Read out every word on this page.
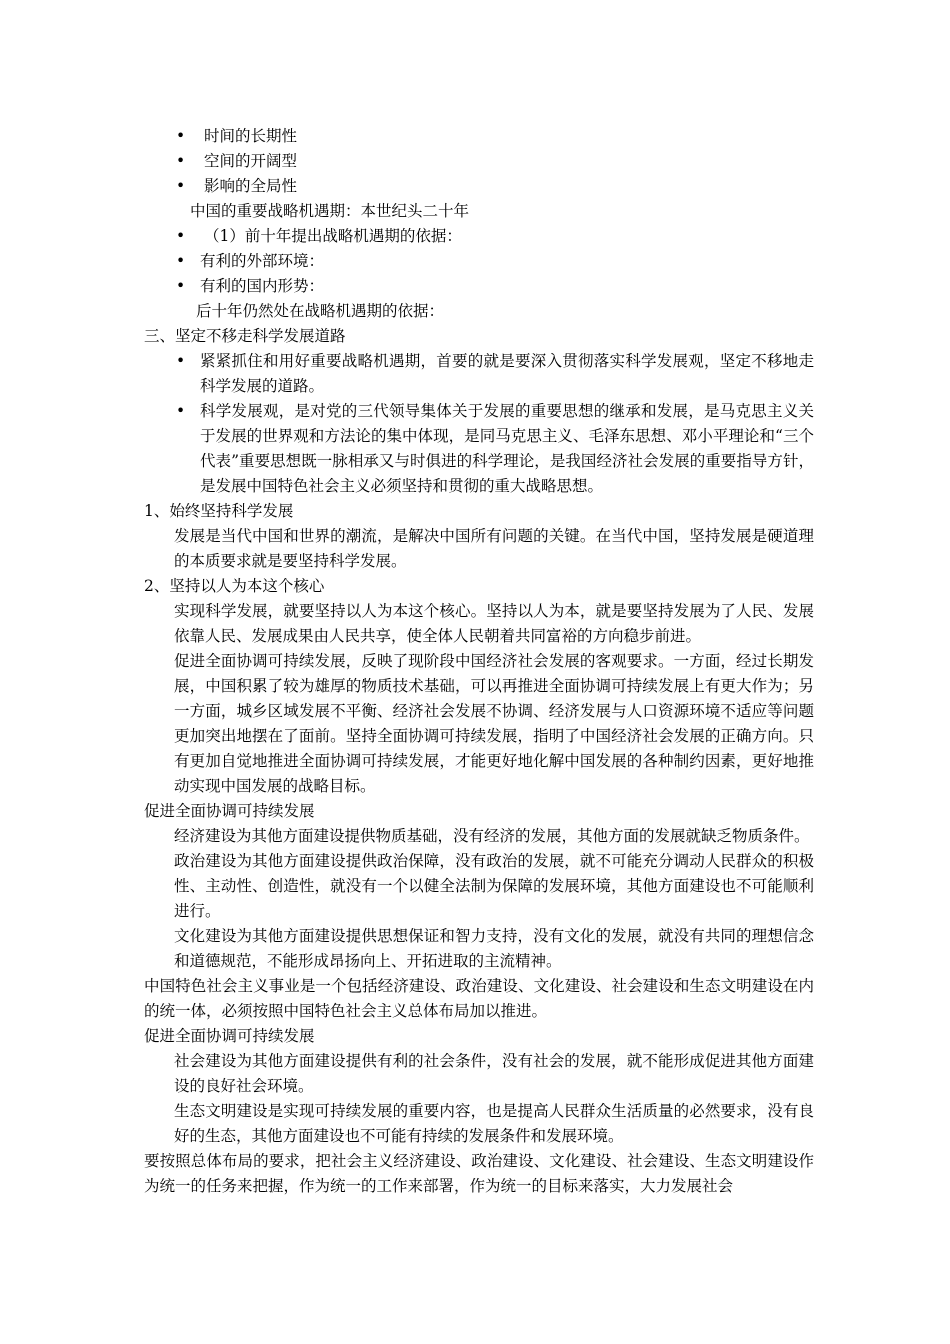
• 时间的长期性
• 空间的开阔型
• 影响的全局性
中国的重要战略机遇期：本世纪头二十年
• （1）前十年提出战略机遇期的依据：
• 有利的外部环境：
• 有利的国内形势：
后十年仍然处在战略机遇期的依据：
三、坚定不移走科学发展道路
• 紧紧抓住和用好重要战略机遇期，首要的就是要深入贯彻落实科学发展观，坚定不移地走科学发展的道路。
• 科学发展观，是对党的三代领导集体关于发展的重要思想的继承和发展，是马克思主义关于发展的世界观和方法论的集中体现，是同马克思主义、毛泽东思想、邓小平理论和“三个代表”重要思想既一脉相承又与时俱进的科学理论，是我国经济社会发展的重要指导方针，是发展中国特色社会主义必须坚持和贯彻的重大战略思想。
1、始终坚持科学发展
发展是当代中国和世界的潮流，是解决中国所有问题的关键。在当代中国，坚持发展是硬道理的本质要求就是要坚持科学发展。
2、坚持以人为本这个核心
实现科学发展，就要坚持以人为本这个核心。坚持以人为本，就是要坚持发展为了人民、发展依靠人民、发展成果由人民共享，使全体人民朝着共同富裕的方向稳步前进。
促进全面协调可持续发展，反映了现阶段中国经济社会发展的客观要求。一方面，经过长期发展，中国积累了较为雄厚的物质技术基础，可以再推进全面协调可持续发展上有更大作为；另一方面，城乡区域发展不平衡、经济社会发展不协调、经济发展与人口资源环境不适应等问题更加突出地摆在了面前。坚持全面协调可持续发展，指明了中国经济社会发展的正确方向。只有更加自觉地推进全面协调可持续发展，才能更好地化解中国发展的各种制约因素，更好地推动实现中国发展的战略目标。
促进全面协调可持续发展
经济建设为其他方面建设提供物质基础，没有经济的发展，其他方面的发展就缺乏物质条件。
政治建设为其他方面建设提供政治保障，没有政治的发展，就不可能充分调动人民群众的积极性、主动性、创造性，就没有一个以健全法制为保障的发展环境，其他方面建设也不可能顺利进行。
文化建设为其他方面建设提供思想保证和智力支持，没有文化的发展，就没有共同的理想信念和道德规范，不能形成昂扬向上、开拓进取的主流精神。
中国特色社会主义事业是一个包括经济建设、政治建设、文化建设、社会建设和生态文明建设在内的统一体，必须按照中国特色社会主义总体布局加以推进。
促进全面协调可持续发展
社会建设为其他方面建设提供有利的社会条件，没有社会的发展，就不能形成促进其他方面建设的良好社会环境。
生态文明建设是实现可持续发展的重要内容，也是提高人民群众生活质量的必然要求，没有良好的生态，其他方面建设也不可能有持续的发展条件和发展环境。
要按照总体布局的要求，把社会主义经济建设、政治建设、文化建设、社会建设、生态文明建设作为统一的任务来把握，作为统一的工作来部署，作为统一的目标来落实，大力发展社会
